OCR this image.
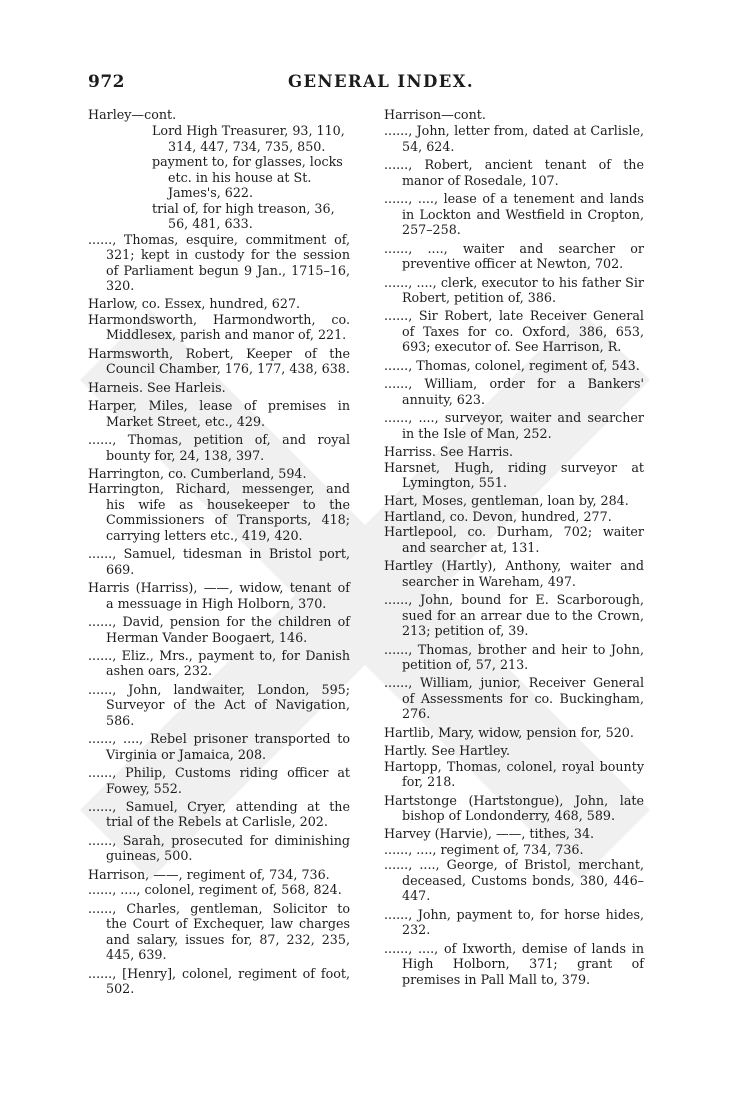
972	GENERAL INDEX.

Harley—cont.

Lord High Treasurer, 93, 110, 314, 447, 734, 735, 850.

payment to, for glasses, locks etc. in his house at St. James's, 622.

trial of, for high treason, 36, 56, 481, 633.

......, Thomas, esquire, commitment of, 321; kept in custody for the session of Parliament begun 9 Jan., 1715–16, 320.

Harlow, co. Essex, hundred, 627.

Harmondsworth, Harmondworth, co. Middlesex, parish and manor of, 221.

Harmsworth, Robert, Keeper of the Council Chamber, 176, 177, 438, 638.

Harneis. See Harleis.

Harper, Miles, lease of premises in Market Street, etc., 429.

......, Thomas, petition of, and royal bounty for, 24, 138, 397.

Harrington, co. Cumberland, 594.

Harrington, Richard, messenger, and his wife as housekeeper to the Commissioners of Transports, 418; carrying letters etc., 419, 420.

......, Samuel, tidesman in Bristol port, 669.

Harris (Harriss), ——, widow, tenant of a messuage in High Holborn, 370.

......, David, pension for the children of Herman Vander Boogaert, 146.

......, Eliz., Mrs., payment to, for Danish ashen oars, 232.

......, John, landwaiter, London, 595; Surveyor of the Act of Navigation, 586.

......, ...., Rebel prisoner transported to Virginia or Jamaica, 208.

......, Philip, Customs riding officer at Fowey, 552.

......, Samuel, Cryer, attending at the trial of the Rebels at Carlisle, 202.

......, Sarah, prosecuted for diminishing guineas, 500.

Harrison, ——, regiment of, 734, 736.

......, ...., colonel, regiment of, 568, 824.

......, Charles, gentleman, Solicitor to the Court of Exchequer, law charges and salary, issues for, 87, 232, 235, 445, 639.

......, [Henry], colonel, regiment of foot, 502.

Harrison—cont.

......, John, letter from, dated at Carlisle, 54, 624.

......, Robert, ancient tenant of the manor of Rosedale, 107.

......, ...., lease of a tenement and lands in Lockton and Westfield in Cropton, 257–258.

......, ...., waiter and searcher or preventive officer at Newton, 702.

......, ...., clerk, executor to his father Sir Robert, petition of, 386.

......, Sir Robert, late Receiver General of Taxes for co. Oxford, 386, 653, 693; executor of. See Harrison, R.

......, Thomas, colonel, regiment of, 543.

......, William, order for a Bankers' annuity, 623.

......, ...., surveyor, waiter and searcher in the Isle of Man, 252.

Harriss. See Harris.

Harsnet, Hugh, riding surveyor at Lymington, 551.

Hart, Moses, gentleman, loan by, 284.

Hartland, co. Devon, hundred, 277.

Hartlepool, co. Durham, 702; waiter and searcher at, 131.

Hartley (Hartly), Anthony, waiter and searcher in Wareham, 497.

......, John, bound for E. Scarborough, sued for an arrear due to the Crown, 213; petition of, 39.

......, Thomas, brother and heir to John, petition of, 57, 213.

......, William, junior, Receiver General of Assessments for co. Buckingham, 276.

Hartlib, Mary, widow, pension for, 520.

Hartly. See Hartley.

Hartopp, Thomas, colonel, royal bounty for, 218.

Hartstonge (Hartstongue), John, late bishop of Londonderry, 468, 589.

Harvey (Harvie), ——, tithes, 34.

......, ...., regiment of, 734, 736.

......, ...., George, of Bristol, merchant, deceased, Customs bonds, 380, 446–447.

......, John, payment to, for horse hides, 232.

......, ...., of Ixworth, demise of lands in High Holborn, 371; grant of premises in Pall Mall to, 379.
